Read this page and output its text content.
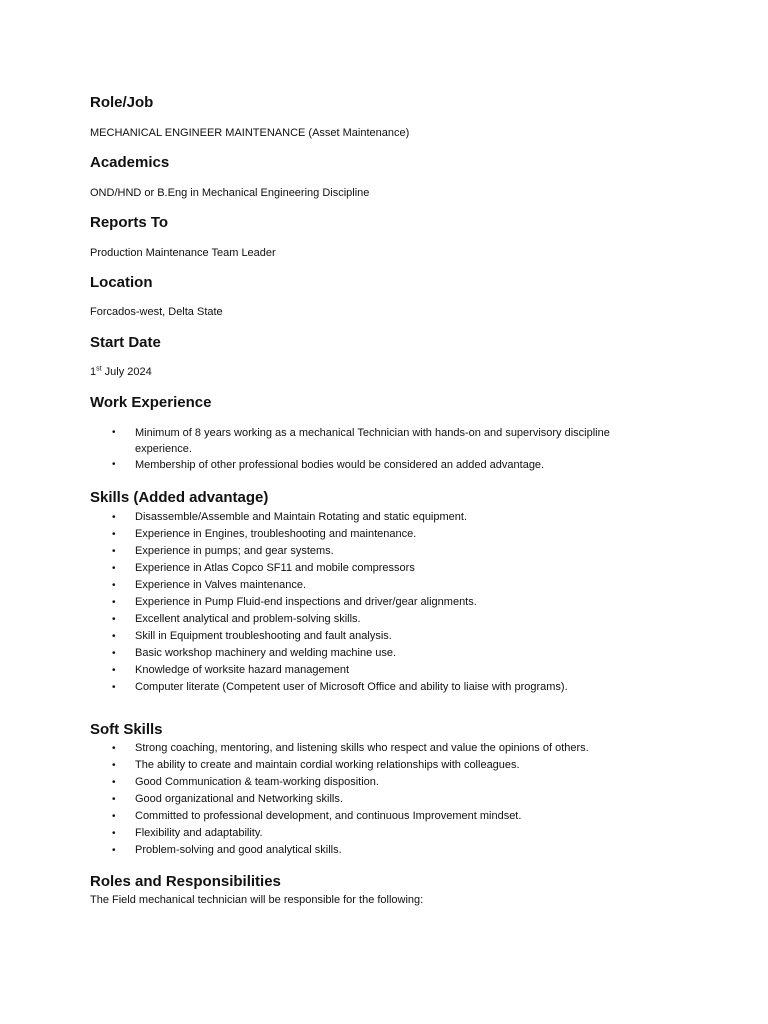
Role/Job

MECHANICAL ENGINEER MAINTENANCE (Asset Maintenance)

Academics

OND/HND or B.Eng in Mechanical Engineering Discipline

Reports To

Production Maintenance Team Leader

Location

Forcados-west, Delta State

Start Date

1st July 2024

Work Experience
• Minimum of 8 years working as a mechanical Technician with hands-on and supervisory discipline experience.
• Membership of other professional bodies would be considered an added advantage.
Skills (Added advantage)
• Disassemble/Assemble and Maintain Rotating and static equipment.
• Experience in Engines, troubleshooting and maintenance.
• Experience in pumps; and gear systems.
• Experience in Atlas Copco SF11 and mobile compressors
• Experience in Valves maintenance.
• Experience in Pump Fluid-end inspections and driver/gear alignments.
• Excellent analytical and problem-solving skills.
• Skill in Equipment troubleshooting and fault analysis.
• Basic workshop machinery and welding machine use.
• Knowledge of worksite hazard management
• Computer literate (Competent user of Microsoft Office and ability to liaise with programs).
Soft Skills
• Strong coaching, mentoring, and listening skills who respect and value the opinions of others.
• The ability to create and maintain cordial working relationships with colleagues.
• Good Communication & team-working disposition.
• Good organizational and Networking skills.
• Committed to professional development, and continuous Improvement mindset.
• Flexibility and adaptability.
• Problem-solving and good analytical skills.
Roles and Responsibilities

The Field mechanical technician will be responsible for the following:
